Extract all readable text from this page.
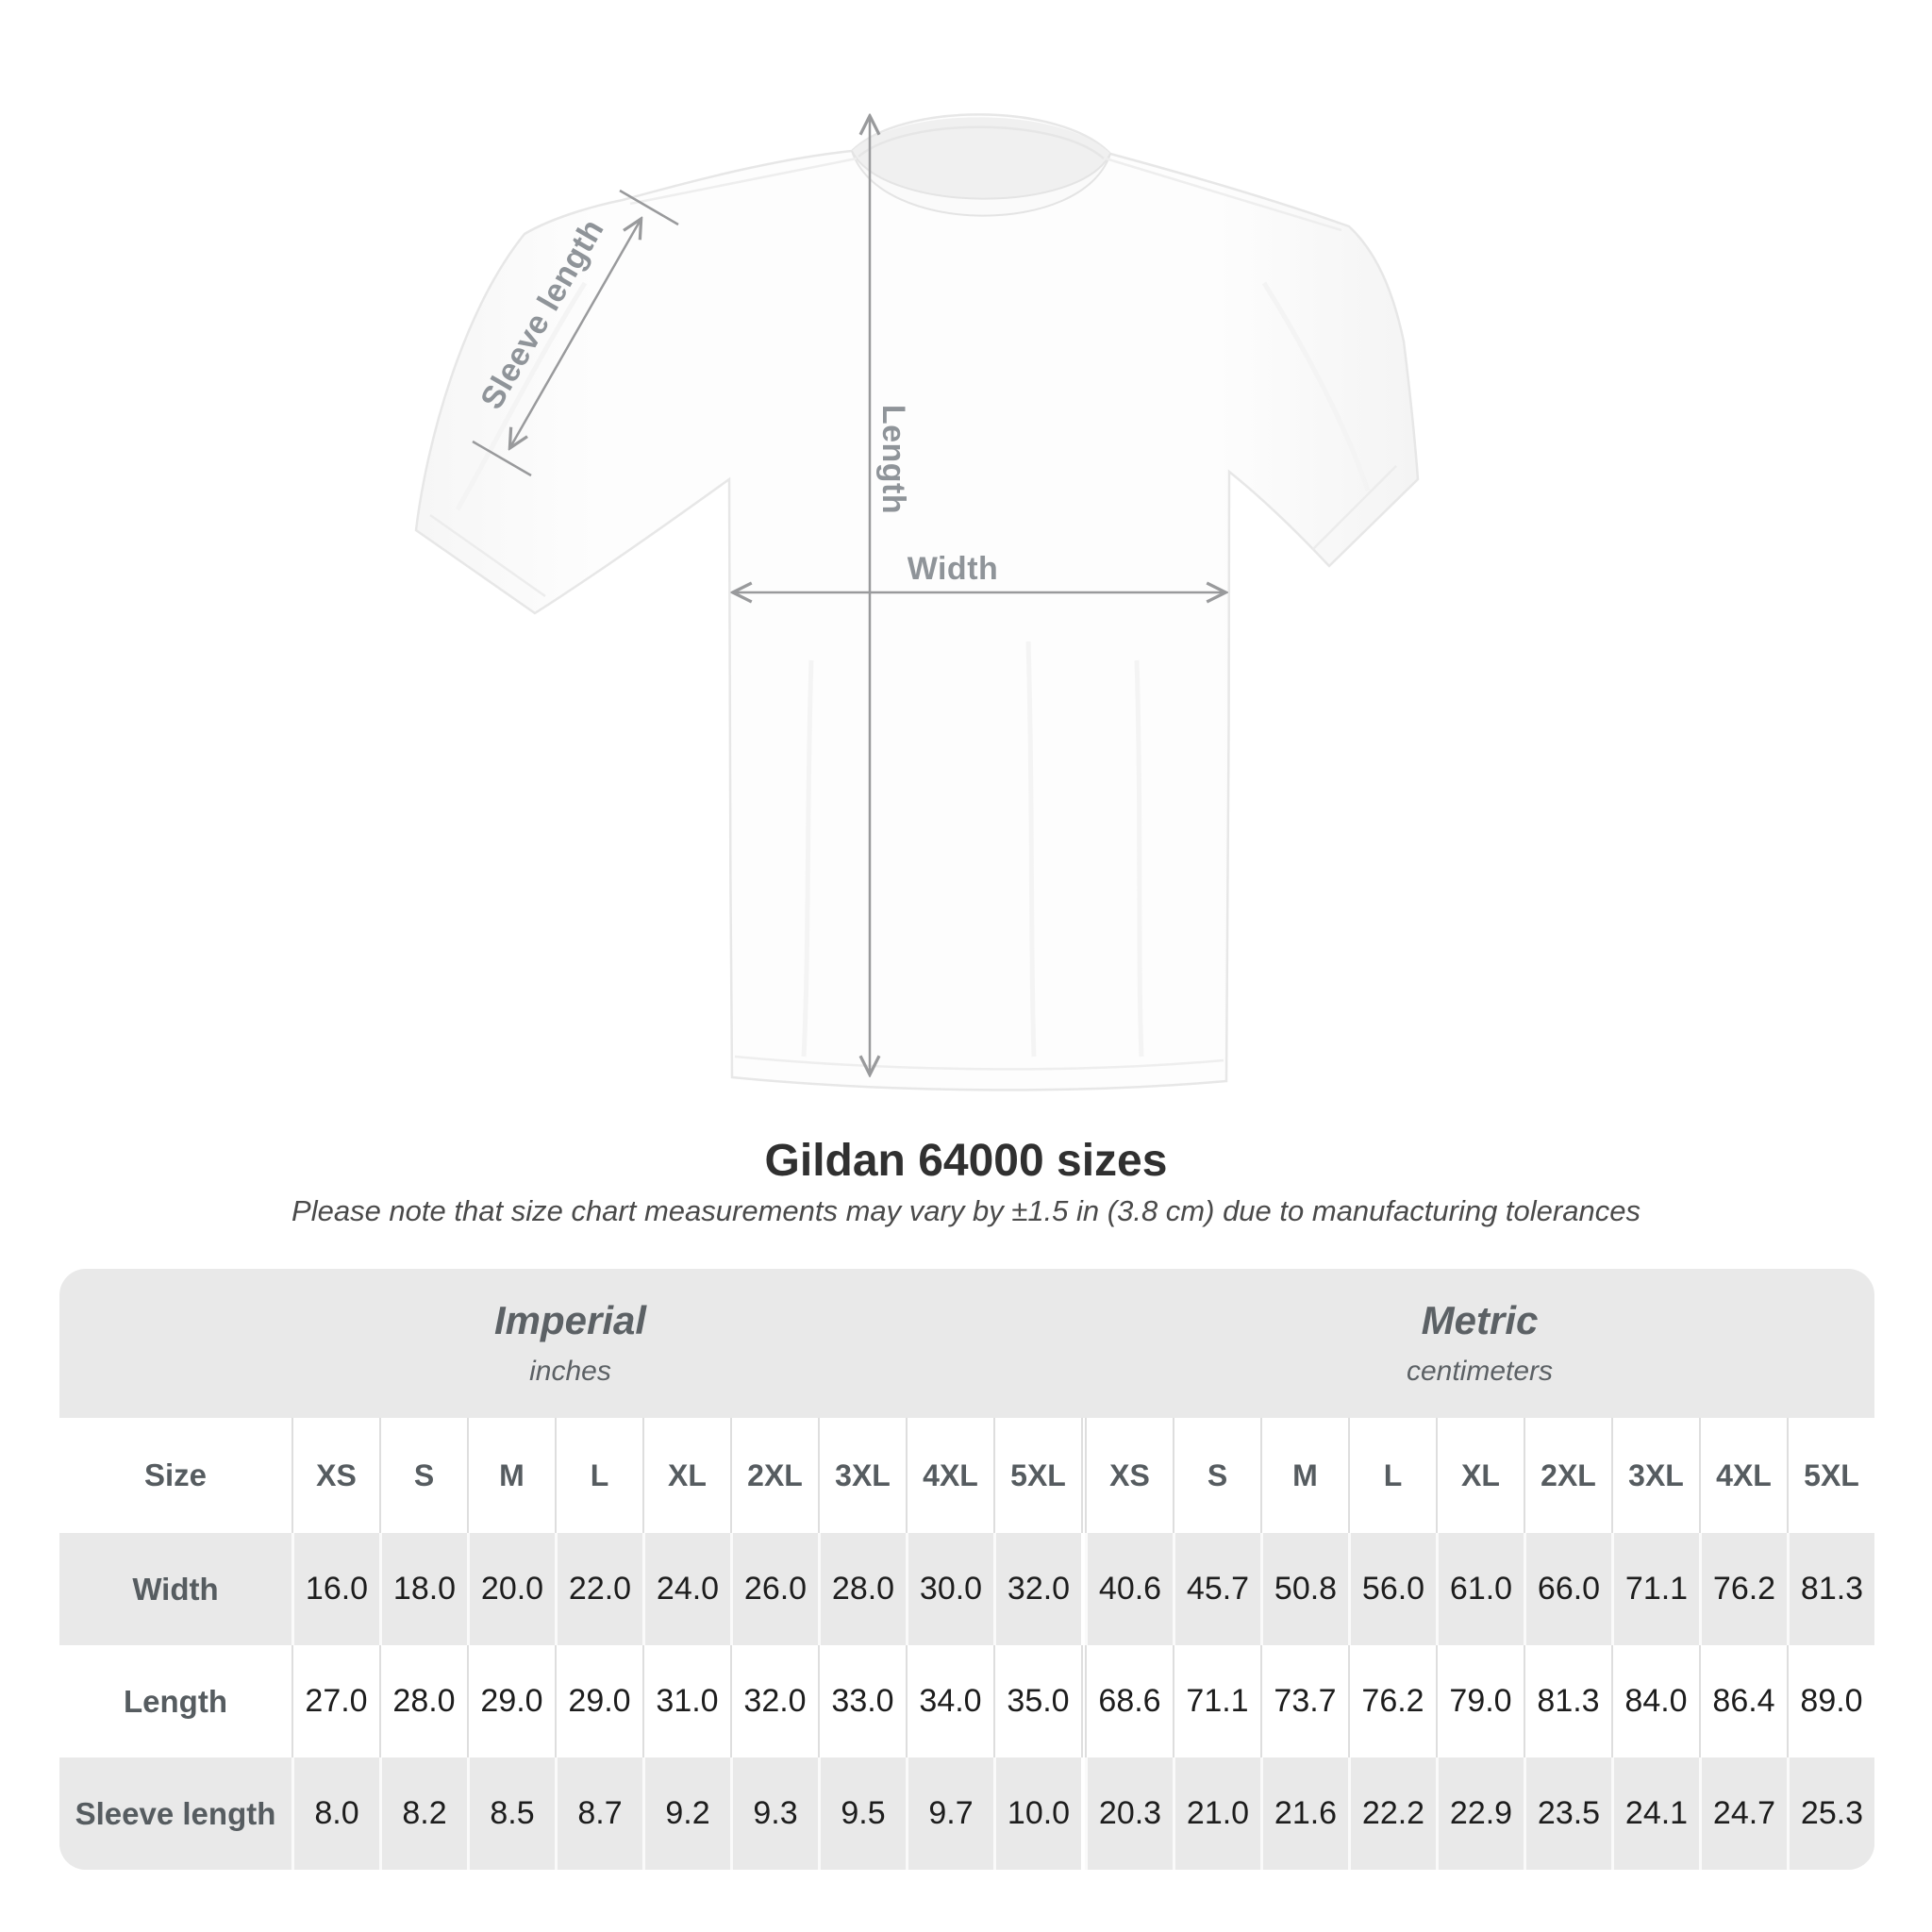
Width
Length
Sleeve length
Gildan 64000 sizes
Please note that size chart measurements may vary by ±1.5 in (3.8 cm) due to manufacturing tolerances
Imperial
inches
Metric
centimeters
Size	XS	S	M	L	XL	2XL	3XL	4XL	5XL	XS	S	M	L	XL	2XL	3XL	4XL	5XL
Width	16.0 18.0 20.0 22.0 24.0 26.0 28.0 30.0 32.0 40.6 45.7 50.8 56.0 61.0 66.0 71.1 76.2 81.3
Length	27.0 28.0 29.0 29.0 31.0 32.0 33.0 34.0 35.0 68.6 71.1 73.7 76.2 79.0 81.3 84.0 86.4 89.0
Sleeve length	8.0	8.2	8.5	8.7	9.2	9.3	9.5	9.7	10.0 20.3 21.0 21.6 22.2 22.9 23.5 24.1 24.7 25.3
